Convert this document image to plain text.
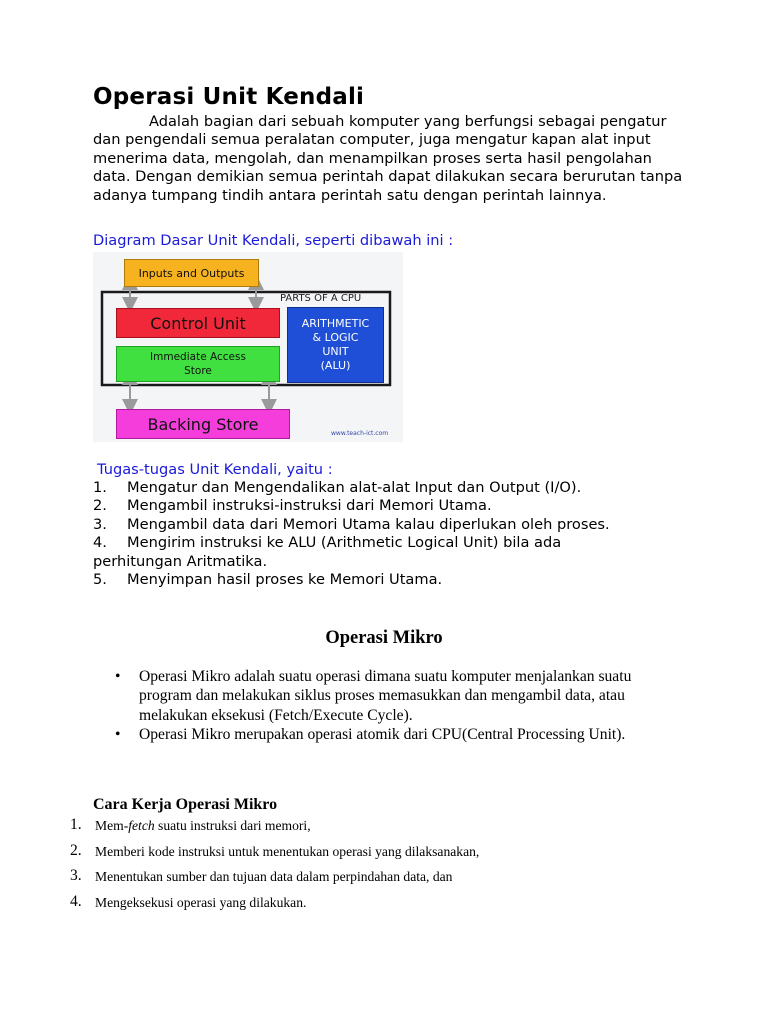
Operasi Unit Kendali

Adalah bagian dari sebuah komputer yang berfungsi sebagai pengatur dan pengendali semua peralatan computer, juga mengatur kapan alat input menerima data, mengolah, dan menampilkan proses serta hasil pengolahan data. Dengan demikian semua perintah dapat dilakukan secara berurutan tanpa adanya tumpang tindih antara perintah satu dengan perintah lainnya.

Diagram Dasar Unit Kendali, seperti dibawah ini :

Inputs and Outputs
PARTS OF A CPU
Control Unit
Immediate Access
Store
ARITHMETIC
& LOGIC
UNIT
(ALU)
Backing Store	www.teach-ict.com

Tugas-tugas Unit Kendali, yaitu :

1. Mengatur dan Mengendalikan alat-alat Input dan Output (I/O).
2. Mengambil instruksi-instruksi dari Memori Utama.
3. Mengambil data dari Memori Utama kalau diperlukan oleh proses.
4. Mengirim instruksi ke ALU (Arithmetic Logical Unit) bila ada perhitungan Aritmatika.
5. Menyimpan hasil proses ke Memori Utama.
Operasi Mikro
• Operasi Mikro adalah suatu operasi dimana suatu komputer menjalankan suatu program dan melakukan siklus proses memasukkan dan mengambil data, atau melakukan eksekusi (Fetch/Execute Cycle).
• Operasi Mikro merupakan operasi atomik dari CPU(Central Processing Unit).
Cara Kerja Operasi Mikro
1. Mem-fetch suatu instruksi dari memori,
2. Memberi kode instruksi untuk menentukan operasi yang dilaksanakan,
3. Menentukan sumber dan tujuan data dalam perpindahan data, dan
4. Mengeksekusi operasi yang dilakukan.
